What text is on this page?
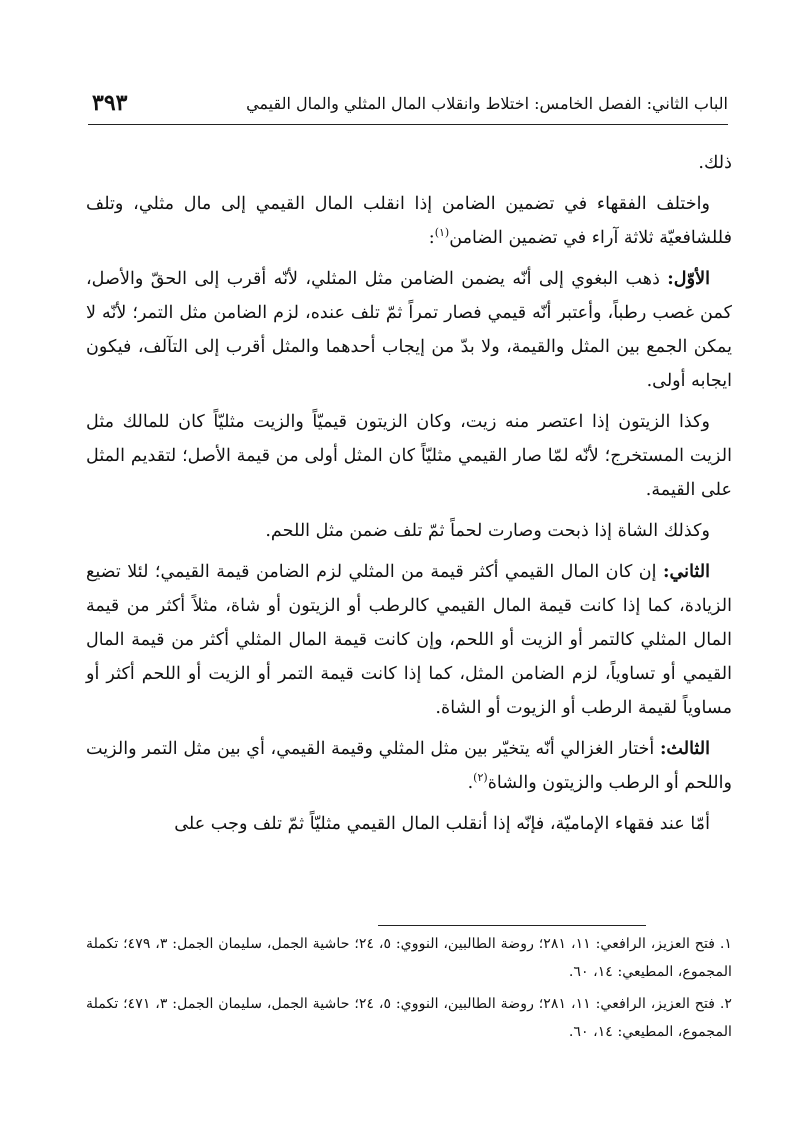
الباب الثاني: الفصل الخامس: اختلاط وانقلاب المال المثلي والمال القيمي
٣٩٣

ذلك.

واختلف الفقهاء في تضمين الضامن إذا انقلب المال القيمي إلى مال مثلي، وتلف فللشافعيّة ثلاثة آراء في تضمين الضامن$^{(١)}$:

الأوّل: ذهب البغوي إلى أنّه يضمن الضامن مثل المثلي، لأنّه أقرب إلى الحقّ والأصل، كمن غصب رطباً، وأعتبر أنّه قيمي فصار تمراً ثمّ تلف عنده، لزم الضامن مثل التمر؛ لأنّه لا يمكن الجمع بين المثل والقيمة، ولا بدّ من إيجاب أحدهما والمثل أقرب إلى التآلف، فيكون ايجابه أولى.

وكذا الزيتون إذا اعتصر منه زيت، وكان الزيتون قيميّاً والزيت مثليّاً كان للمالك مثل الزيت المستخرج؛ لأنّه لمّا صار القيمي مثليّاً كان المثل أولى من قيمة الأصل؛ لتقديم المثل على القيمة.

وكذلك الشاة إذا ذبحت وصارت لحماً ثمّ تلف ضمن مثل اللحم.

الثاني: إن كان المال القيمي أكثر قيمة من المثلي لزم الضامن قيمة القيمي؛ لئلا تضيع الزيادة، كما إذا كانت قيمة المال القيمي كالرطب أو الزيتون أو شاة، مثلاً أكثر من قيمة المال المثلي كالتمر أو الزيت أو اللحم، وإن كانت قيمة المال المثلي أكثر من قيمة المال القيمي أو تساوياً، لزم الضامن المثل، كما إذا كانت قيمة التمر أو الزيت أو اللحم أكثر أو مساوياً لقيمة الرطب أو الزيوت أو الشاة.

الثالث: أختار الغزالي أنّه يتخيّر بين مثل المثلي وقيمة القيمي، أي بين مثل التمر والزيت واللحم أو الرطب والزيتون والشاة$^{(٢)}$.

أمّا عند فقهاء الإماميّة، فإنّه إذا أنقلب المال القيمي مثليّاً ثمّ تلف وجب على

١. فتح العزيز، الرافعي: ١١، ٢٨١؛ روضة الطالبين، النووي: ٥، ٢٤؛ حاشية الجمل، سليمان الجمل: ٣، ٤٧٩؛ تكملة المجموع، المطيعي: ١٤، ٦٠.

٢. فتح العزيز، الرافعي: ١١، ٢٨١؛ روضة الطالبين، النووي: ٥، ٢٤؛ حاشية الجمل، سليمان الجمل: ٣، ٤٧١؛ تكملة المجموع، المطيعي: ١٤، ٦٠.
